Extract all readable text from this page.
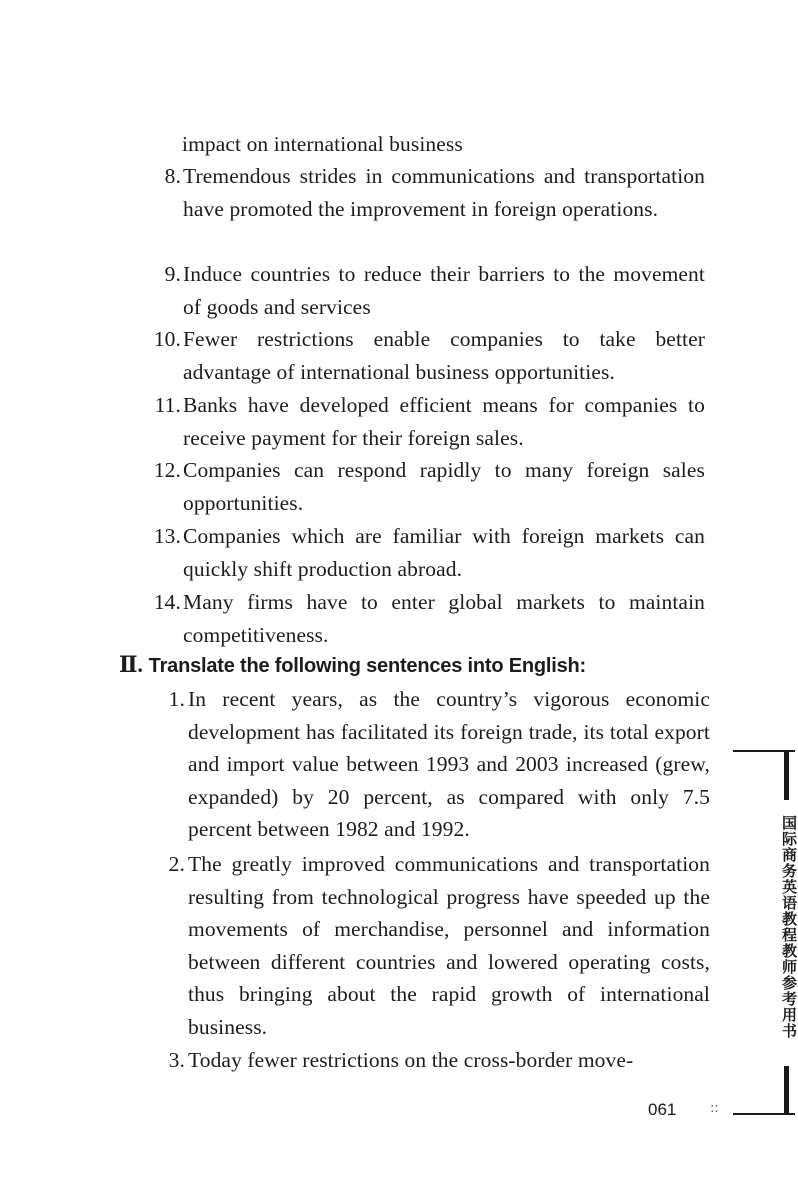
impact on international business
8. Tremendous strides in communications and transportation have promoted the improvement in foreign operations.
9. Induce countries to reduce their barriers to the movement of goods and services
10. Fewer restrictions enable companies to take better advantage of international business opportunities.
11. Banks have developed efficient means for companies to receive payment for their foreign sales.
12. Companies can respond rapidly to many foreign sales opportunities.
13. Companies which are familiar with foreign markets can quickly shift production abroad.
14. Many firms have to enter global markets to maintain competitiveness.
Ⅱ. Translate the following sentences into English:
1. In recent years, as the country’s vigorous economic development has facilitated its foreign trade, its total export and import value between 1993 and 2003 increased (grew, expanded) by 20 percent, as compared with only 7.5 percent between 1982 and 1992.
2. The greatly improved communications and transportation resulting from technological progress have speeded up the movements of merchandise, personnel and information between different countries and lowered operating costs, thus bringing about the rapid growth of international business.
3. Today fewer restrictions on the cross-border move-
国际商务英语教程教师参考用书
061	::
